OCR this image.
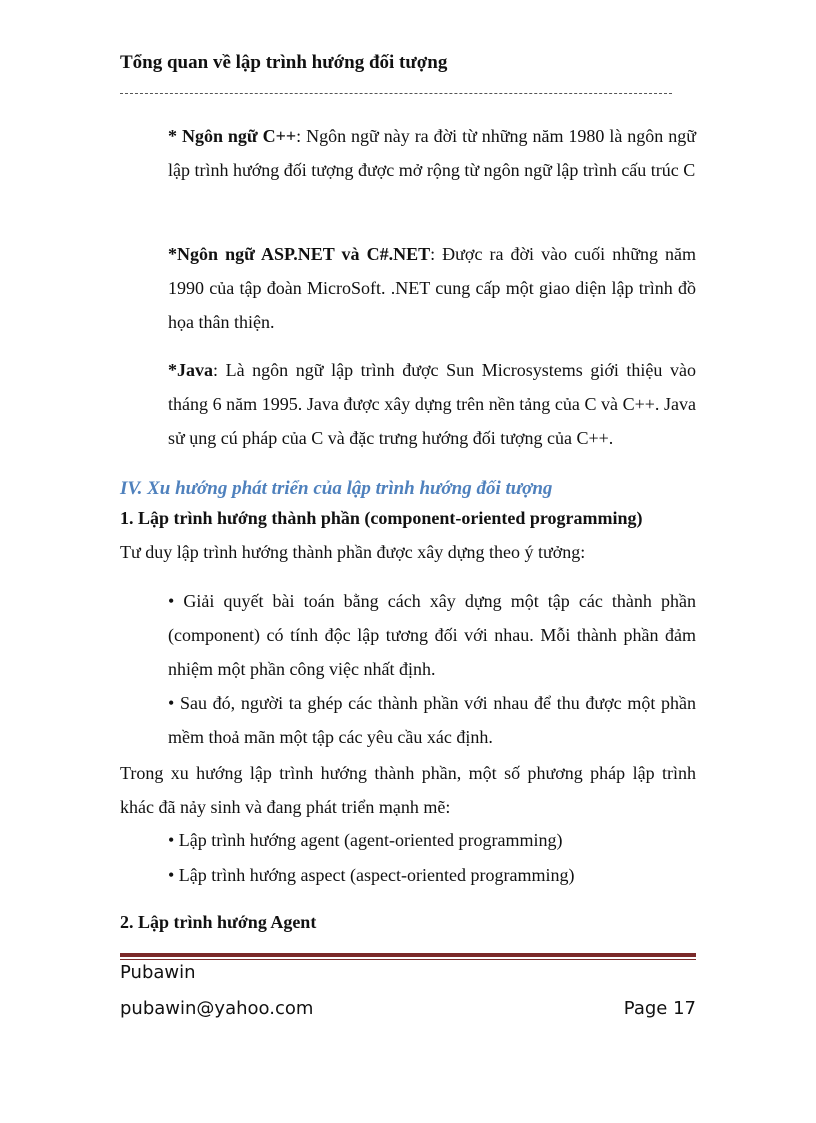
Tổng quan về lập trình hướng đối tượng
* Ngôn ngữ C++: Ngôn ngữ này ra đời từ những năm 1980 là ngôn ngữ lập trình hướng đối tượng được mở rộng từ ngôn ngữ lập trình cấu trúc C
*Ngôn ngữ ASP.NET và C#.NET: Được ra đời vào cuối những năm 1990 của tập đoàn MicroSoft. .NET cung cấp một giao diện lập trình đồ họa thân thiện.
*Java: Là ngôn ngữ lập trình được Sun Microsystems giới thiệu vào tháng 6 năm 1995. Java được xây dựng trên nền tảng của C và C++. Java sử ụng cú pháp của C và đặc trưng hướng đối tượng của C++.
IV. Xu hướng phát triển của lập trình hướng đối tượng
1. Lập trình hướng thành phần (component-oriented programming)
Tư duy lập trình hướng thành phần được xây dựng theo ý tưởng:
• Giải quyết bài toán bằng cách xây dựng một tập các thành phần (component) có tính độc lập tương đối với nhau. Mỗi thành phần đảm nhiệm một phần công việc nhất định.
• Sau đó, người ta ghép các thành phần với nhau để thu được một phần mềm thoả mãn một tập các yêu cầu xác định.
Trong xu hướng lập trình hướng thành phần, một số phương pháp lập trình khác đã nảy sinh và đang phát triển mạnh mẽ:
• Lập trình hướng agent (agent-oriented programming)
• Lập trình hướng aspect (aspect-oriented programming)
2. Lập trình hướng Agent
Pubawin
pubawin@yahoo.com	Page 17
